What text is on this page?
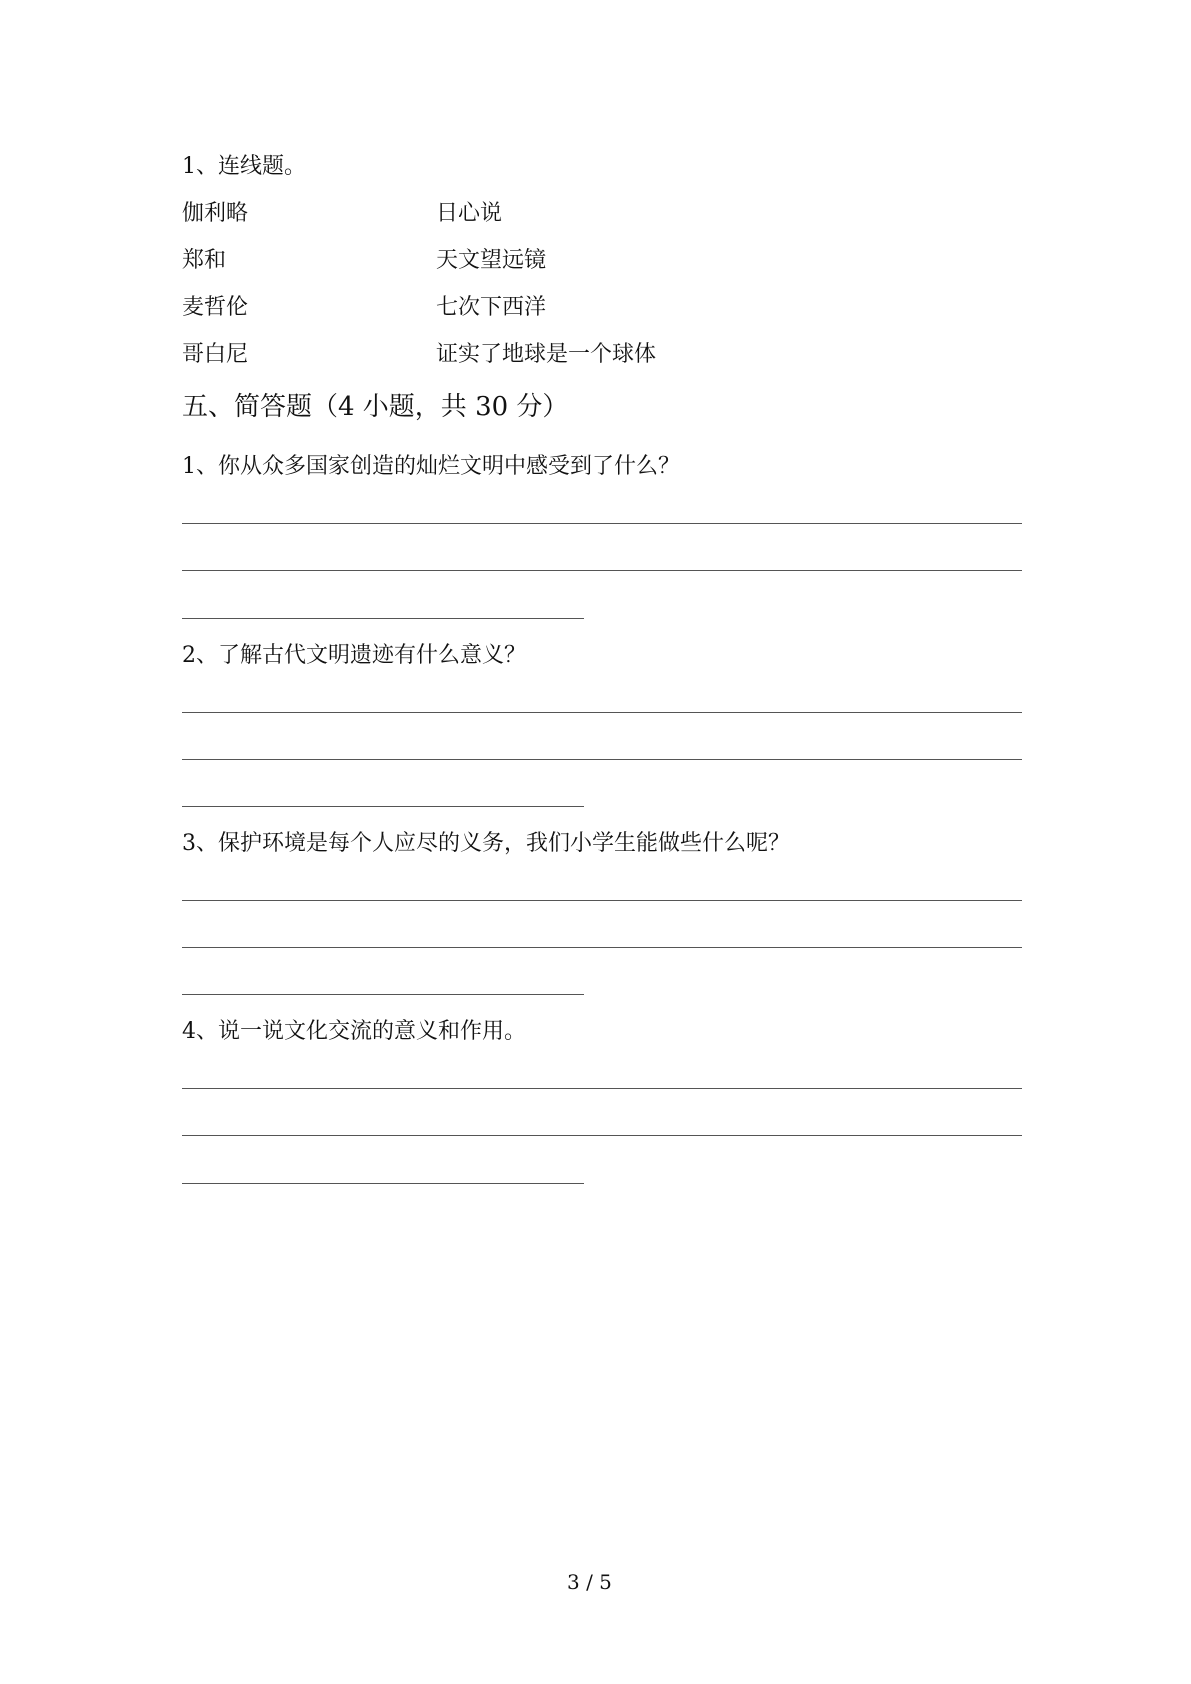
1、连线题。
伽利略	日心说
郑和	天文望远镜
麦哲伦	七次下西洋
哥白尼	证实了地球是一个球体
五、简答题（4 小题，共 30 分）
1、你从众多国家创造的灿烂文明中感受到了什么？
2、了解古代文明遗迹有什么意义？
3、保护环境是每个人应尽的义务，我们小学生能做些什么呢？
4、说一说文化交流的意义和作用。
3 / 5
